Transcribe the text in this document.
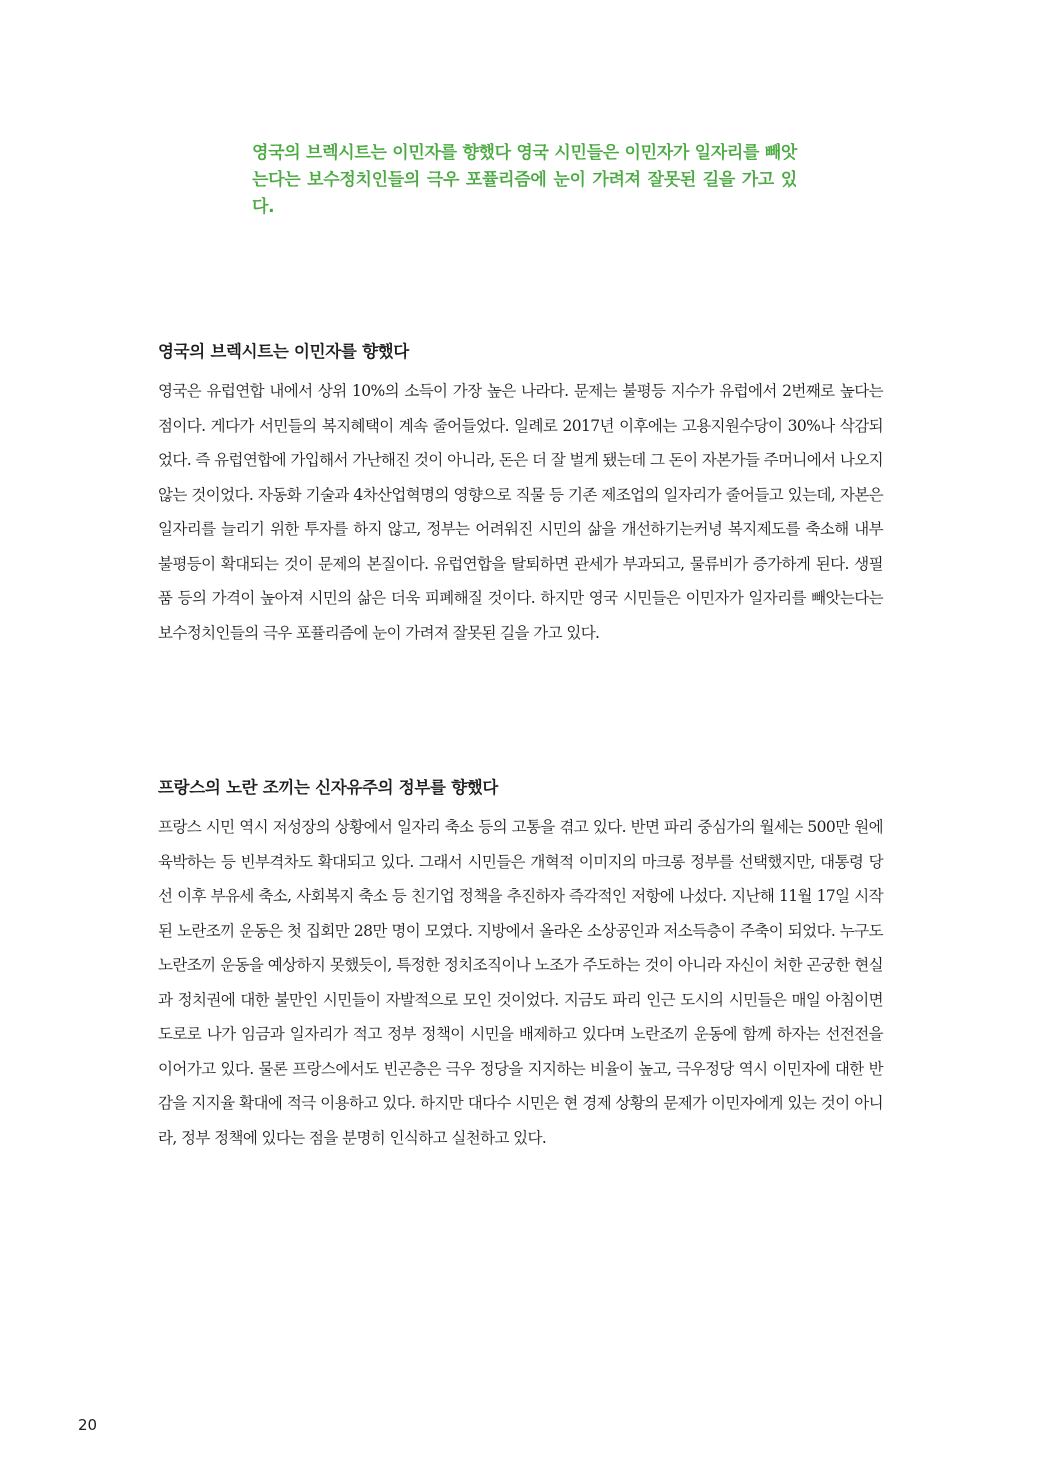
영국의 브렉시트는 이민자를 향했다 영국 시민들은 이민자가 일자리를 빼앗는다는 보수정치인들의 극우 포퓰리즘에 눈이 가려져 잘못된 길을 가고 있다.

영국의 브렉시트는 이민자를 향했다

영국은 유럽연합 내에서 상위 10%의 소득이 가장 높은 나라다. 문제는 불평등 지수가 유럽에서 2번째로 높다는 점이다. 게다가 서민들의 복지혜택이 계속 줄어들었다. 일례로 2017년 이후에는 고용지원수당이 30%나 삭감되었다. 즉 유럽연합에 가입해서 가난해진 것이 아니라, 돈은 더 잘 벌게 됐는데 그 돈이 자본가들 주머니에서 나오지 않는 것이었다. 자동화 기술과 4차산업혁명의 영향으로 직물 등 기존 제조업의 일자리가 줄어들고 있는데, 자본은 일자리를 늘리기 위한 투자를 하지 않고, 정부는 어려워진 시민의 삶을 개선하기는커녕 복지제도를 축소해 내부 불평등이 확대되는 것이 문제의 본질이다. 유럽연합을 탈퇴하면 관세가 부과되고, 물류비가 증가하게 된다. 생필품 등의 가격이 높아져 시민의 삶은 더욱 피폐해질 것이다. 하지만 영국 시민들은 이민자가 일자리를 빼앗는다는 보수정치인들의 극우 포퓰리즘에 눈이 가려져 잘못된 길을 가고 있다.

프랑스의 노란 조끼는 신자유주의 정부를 향했다

프랑스 시민 역시 저성장의 상황에서 일자리 축소 등의 고통을 겪고 있다. 반면 파리 중심가의 월세는 500만 원에 육박하는 등 빈부격차도 확대되고 있다. 그래서 시민들은 개혁적 이미지의 마크롱 정부를 선택했지만, 대통령 당선 이후 부유세 축소, 사회복지 축소 등 친기업 정책을 추진하자 즉각적인 저항에 나섰다. 지난해 11월 17일 시작된 노란조끼 운동은 첫 집회만 28만 명이 모였다. 지방에서 올라온 소상공인과 저소득층이 주축이 되었다. 누구도 노란조끼 운동을 예상하지 못했듯이, 특정한 정치조직이나 노조가 주도하는 것이 아니라 자신이 처한 곤궁한 현실과 정치권에 대한 불만인 시민들이 자발적으로 모인 것이었다. 지금도 파리 인근 도시의 시민들은 매일 아침이면 도로로 나가 임금과 일자리가 적고 정부 정책이 시민을 배제하고 있다며 노란조끼 운동에 함께 하자는 선전전을 이어가고 있다. 물론 프랑스에서도 빈곤층은 극우 정당을 지지하는 비율이 높고, 극우정당 역시 이민자에 대한 반감을 지지율 확대에 적극 이용하고 있다. 하지만 대다수 시민은 현 경제 상황의 문제가 이민자에게 있는 것이 아니라, 정부 정책에 있다는 점을 분명히 인식하고 실천하고 있다.

20
